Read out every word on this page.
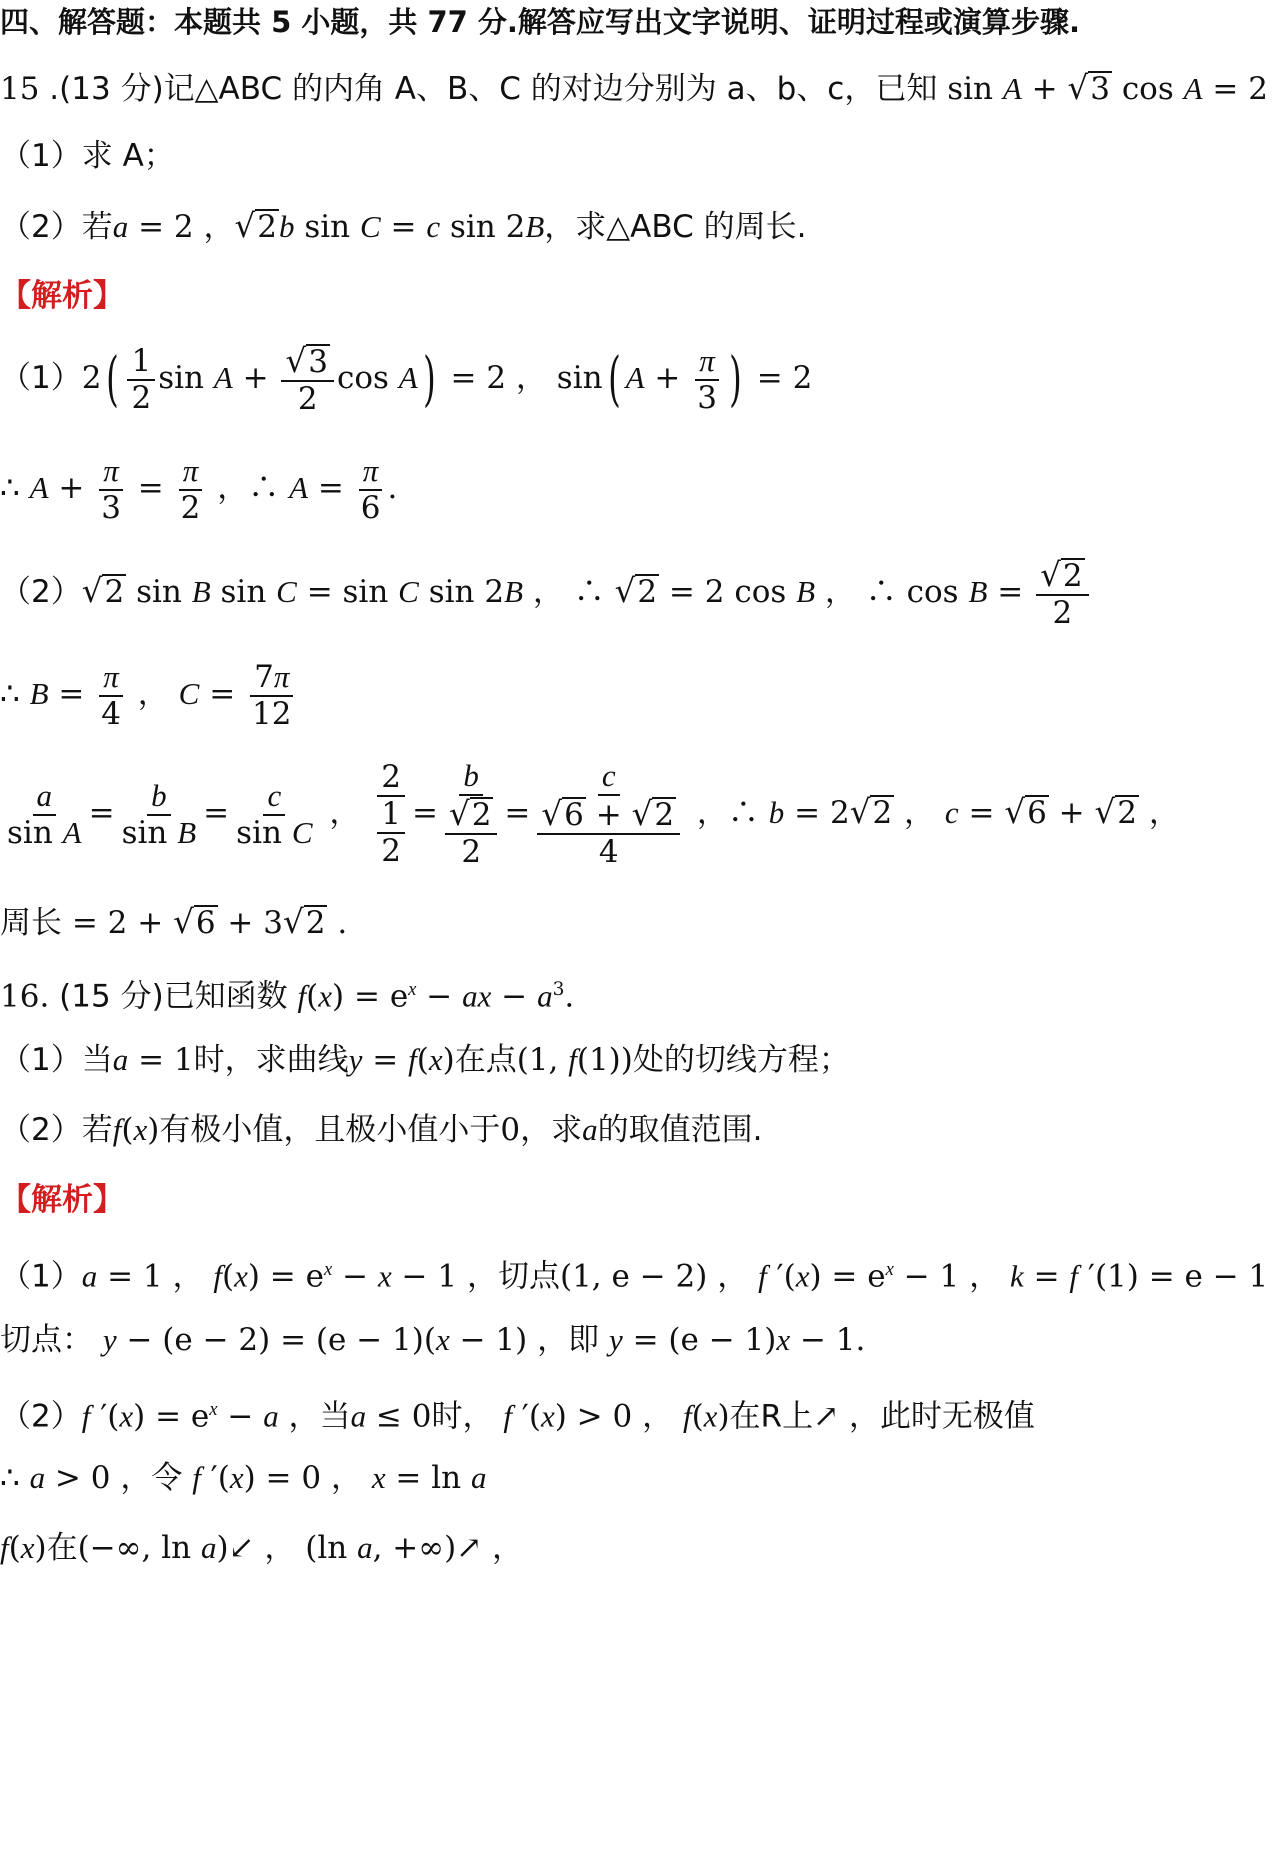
四、解答题：本题共 5 小题，共 77 分.解答应写出文字说明、证明过程或演算步骤.
15 .(13 分)记△ABC 的内角 A、B、C 的对边分别为 a、b、c，已知 sin A + √3 cos A = 2
（1）求 A；
（2）若a = 2 ，√2b sin C = c sin 2B，求△ABC 的周长.
【解析】
$(1)2( \frac{1}{2}$ $\sin A + \frac{√3}{2}$ cos A) = 2 ， sin( $A + \frac{\pi}{3}$ ) = 2
∴ $A + \frac{\pi}{3} = \frac{\pi}{2}$ ，∴ $A = \frac{\pi}{6}$ .
（2）√2 sin B sin C = sin C sin 2B ， ∴ √2 = 2 cos B ， ∴ $\cos B = \frac{√2}{2}$
∴ $B = \frac{\pi}{4}$ ， $C = \frac{7\pi}{12}$
$\frac{a}{\text{sin A}} = \frac{b}{\text{sin B}} = \frac{c}{\text{sin C}}$ ， $\frac{2}{\frac{1}{2}} = \frac{b}{\frac{√2}{2}} = \frac{c}{\frac{√6 + √2}{4}}$ ，∴ b = 2√2 ， c = √6 + √2 ，
周长 = 2 + √6 + 3√2 .
16. (15 分)已知函数 $f(x) = e^x$ − ax − $a^3$.
（1）当a = 1时，求曲线y = f(x)在点(1, f(1))处的切线方程；
（2）若f(x)有极小值，且极小值小于0，求a的取值范围.
【解析】
（1）a = 1 ， $f(x) = e^x - x - 1$ ，切点(1, e − 2) ， f $'(x) = e^x - 1$ ， k = f ′(1) = e − 1
切点： y − (e − 2) = (e − 1)(x − 1) ，即 y = (e − 1)x − 1.
（2）f $'(x) = e^x - a$ ，当a ≤ 0时， f ′(x) > 0 ， f(x)在R上↗ ，此时无极值
∴ a > 0 ，令 f ′(x) = 0 ， x = ln a
f(x)在(−∞, ln a)↙ ， (ln a, +∞)↗ ，
